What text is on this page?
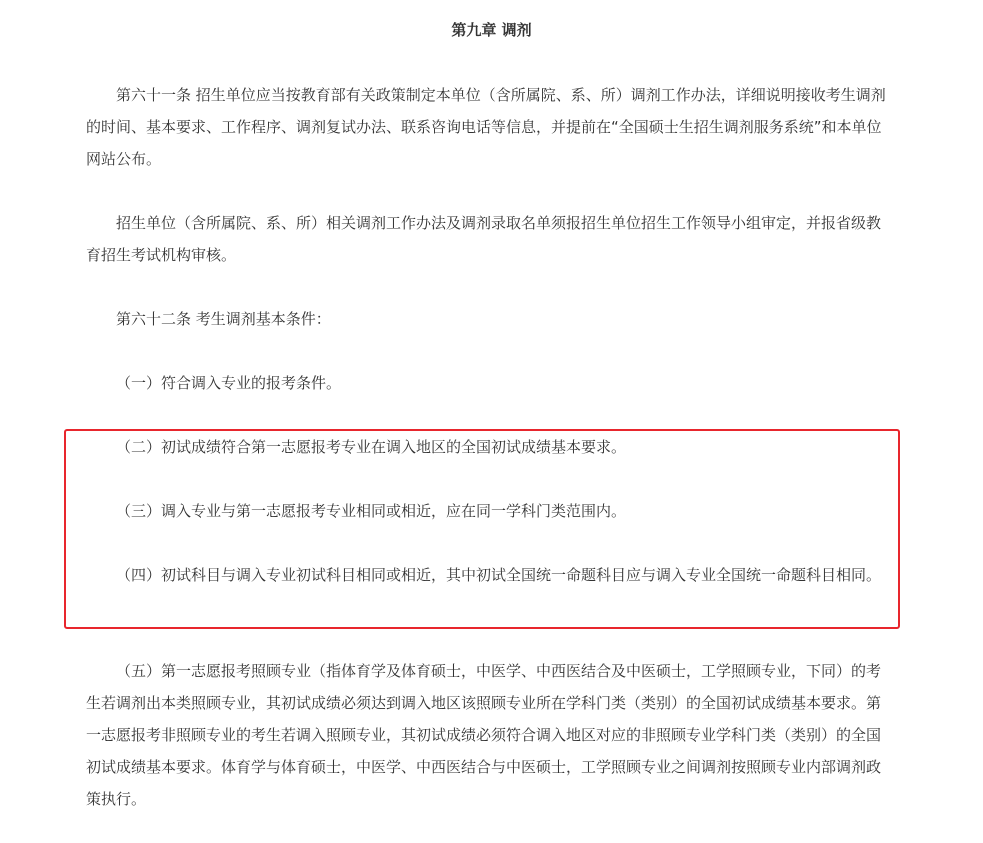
第九章 调剂

第六十一条 招生单位应当按教育部有关政策制定本单位（含所属院、系、所）调剂工作办法，详细说明接收考生调剂的时间、基本要求、工作程序、调剂复试办法、联系咨询电话等信息，并提前在“全国硕士生招生调剂服务系统”和本单位网站公布。

招生单位（含所属院、系、所）相关调剂工作办法及调剂录取名单须报招生单位招生工作领导小组审定，并报省级教育招生考试机构审核。

第六十二条 考生调剂基本条件：

（一）符合调入专业的报考条件。

（二）初试成绩符合第一志愿报考专业在调入地区的全国初试成绩基本要求。

（三）调入专业与第一志愿报考专业相同或相近，应在同一学科门类范围内。

（四）初试科目与调入专业初试科目相同或相近，其中初试全国统一命题科目应与调入专业全国统一命题科目相同。

（五）第一志愿报考照顾专业（指体育学及体育硕士，中医学、中西医结合及中医硕士，工学照顾专业，下同）的考生若调剂出本类照顾专业，其初试成绩必须达到调入地区该照顾专业所在学科门类（类别）的全国初试成绩基本要求。第一志愿报考非照顾专业的考生若调入照顾专业，其初试成绩必须符合调入地区对应的非照顾专业学科门类（类别）的全国初试成绩基本要求。体育学与体育硕士，中医学、中西医结合与中医硕士，工学照顾专业之间调剂按照顾专业内部调剂政策执行。
